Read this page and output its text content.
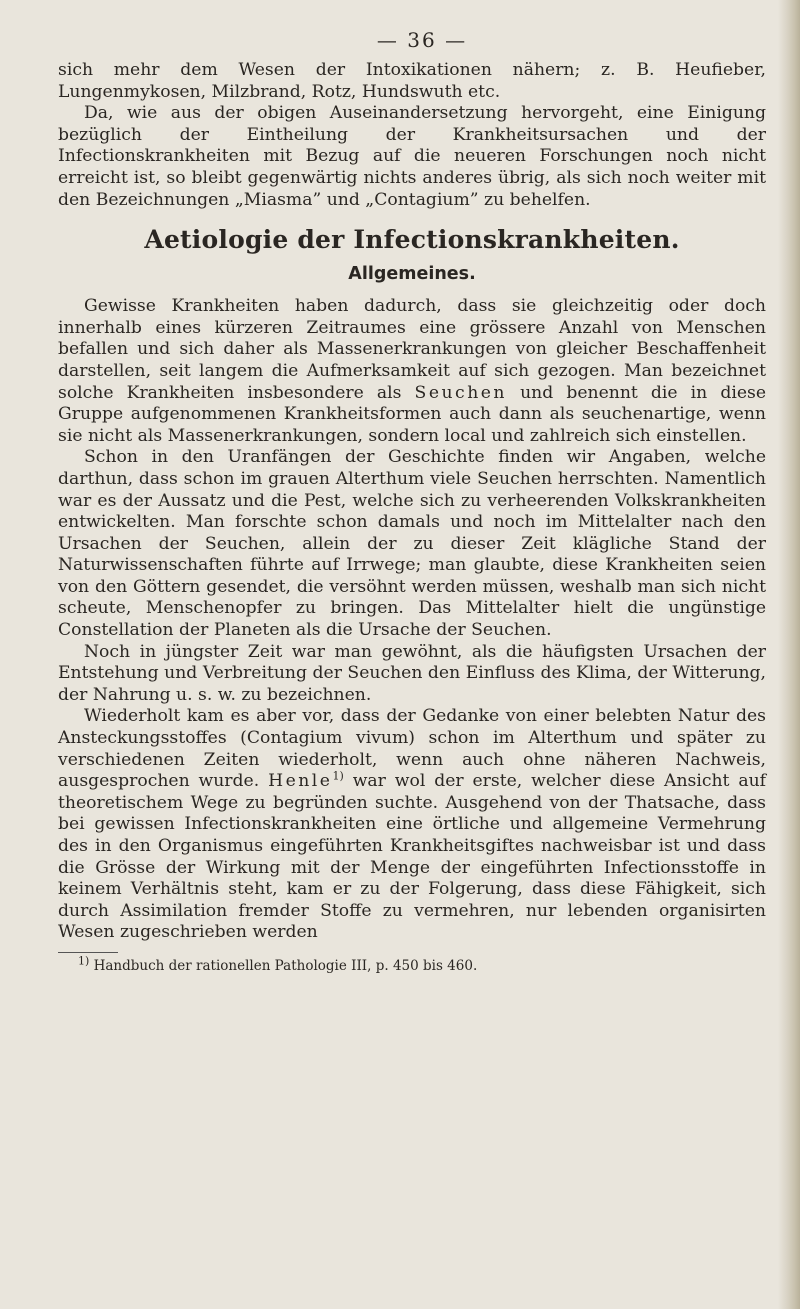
— 36 —

sich mehr dem Wesen der Intoxikationen nähern; z. B. Heufieber, Lungenmykosen, Milzbrand, Rotz, Hundswuth etc.

Da, wie aus der obigen Auseinandersetzung hervorgeht, eine Einigung bezüglich der Eintheilung der Krankheitsursachen und der Infectionskrankheiten mit Bezug auf die neueren Forschungen noch nicht erreicht ist, so bleibt gegenwärtig nichts anderes übrig, als sich noch weiter mit den Bezeichnungen „Miasma” und „Contagium” zu behelfen.

Aetiologie der Infectionskrankheiten.
Allgemeines.

Gewisse Krankheiten haben dadurch, dass sie gleichzeitig oder doch innerhalb eines kürzeren Zeitraumes eine grössere Anzahl von Menschen befallen und sich daher als Massenerkrankungen von gleicher Beschaffenheit darstellen, seit langem die Aufmerksamkeit auf sich gezogen. Man bezeichnet solche Krankheiten insbesondere als Seuchen und benennt die in diese Gruppe aufgenommenen Krankheitsformen auch dann als seuchenartige, wenn sie nicht als Massenerkrankungen, sondern local und zahlreich sich einstellen.

Schon in den Uranfängen der Geschichte finden wir Angaben, welche darthun, dass schon im grauen Alterthum viele Seuchen herrschten. Namentlich war es der Aussatz und die Pest, welche sich zu verheerenden Volkskrankheiten entwickelten. Man forschte schon damals und noch im Mittelalter nach den Ursachen der Seuchen, allein der zu dieser Zeit klägliche Stand der Naturwissenschaften führte auf Irrwege; man glaubte, diese Krankheiten seien von den Göttern gesendet, die versöhnt werden müssen, weshalb man sich nicht scheute, Menschenopfer zu bringen. Das Mittelalter hielt die ungünstige Constellation der Planeten als die Ursache der Seuchen.

Noch in jüngster Zeit war man gewöhnt, als die häufigsten Ursachen der Entstehung und Verbreitung der Seuchen den Einfluss des Klima, der Witterung, der Nahrung u. s. w. zu bezeichnen.

Wiederholt kam es aber vor, dass der Gedanke von einer belebten Natur des Ansteckungsstoffes (Contagium vivum) schon im Alterthum und später zu verschiedenen Zeiten wiederholt, wenn auch ohne näheren Nachweis, ausgesprochen wurde. Henle$^{1)}$ war wol der erste, welcher diese Ansicht auf theoretischem Wege zu begründen suchte. Ausgehend von der Thatsache, dass bei gewissen Infectionskrankheiten eine örtliche und allgemeine Vermehrung des in den Organismus eingeführten Krankheitsgiftes nachweisbar ist und dass die Grösse der Wirkung mit der Menge der eingeführten Infectionsstoffe in keinem Verhältnis steht, kam er zu der Folgerung, dass diese Fähigkeit, sich durch Assimilation fremder Stoffe zu vermehren, nur lebenden organisirten Wesen zugeschrieben werden

$^{1)}$ Handbuch der rationellen Pathologie III, p. 450 bis 460.
